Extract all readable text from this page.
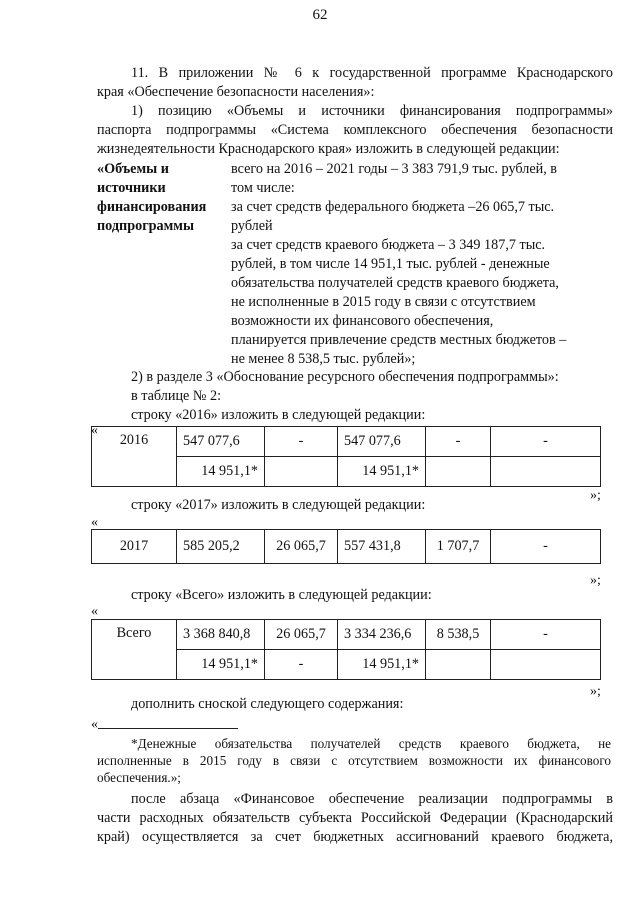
62
11. В приложении № 6 к государственной программе Краснодарского
края «Обеспечение безопасности населения»:
1) позицию «Объемы и источники финансирования подпрограммы»
паспорта подпрограммы «Система комплексного обеспечения безопасности
жизнедеятельности Краснодарского края» изложить в следующей редакции:
«Объемы и
источники
финансирования
подпрограммы
всего на 2016 – 2021 годы – 3 383 791,9 тыс. рублей, в
том числе:
за счет средств федерального бюджета –26 065,7 тыс.
рублей
за счет средств краевого бюджета – 3 349 187,7 тыс.
рублей, в том числе 14 951,1 тыс. рублей - денежные
обязательства получателей средств краевого бюджета,
не исполненные в 2015 году в связи с отсутствием
возможности их финансового обеспечения,
планируется привлечение средств местных бюджетов –
не менее 8 538,5 тыс. рублей»;
2) в разделе 3 «Обоснование ресурсного обеспечения подпрограммы»:
в таблице № 2:
строку «2016» изложить в следующей редакции:
«
2016	547 077,6	-	547 077,6	-	-
	14 951,1*		14 951,1*		
»;
строку «2017» изложить в следующей редакции:
«
2017	585 205,2	26 065,7	557 431,8	1 707,7	-
»;
строку «Всего» изложить в следующей редакции:
«
Всего	3 368 840,8	26 065,7	3 334 236,6	8 538,5	-
	14 951,1*	-	14 951,1*		
»;
дополнить сноской следующего содержания:
«
*Денежные обязательства получателей средств краевого бюджета, не
исполненные в 2015 году в связи с отсутствием возможности их финансового
обеспечения.»;
после абзаца «Финансовое обеспечение реализации подпрограммы в
части расходных обязательств субъекта Российской Федерации (Краснодарский
край) осуществляется за счет бюджетных ассигнований краевого бюджета,
